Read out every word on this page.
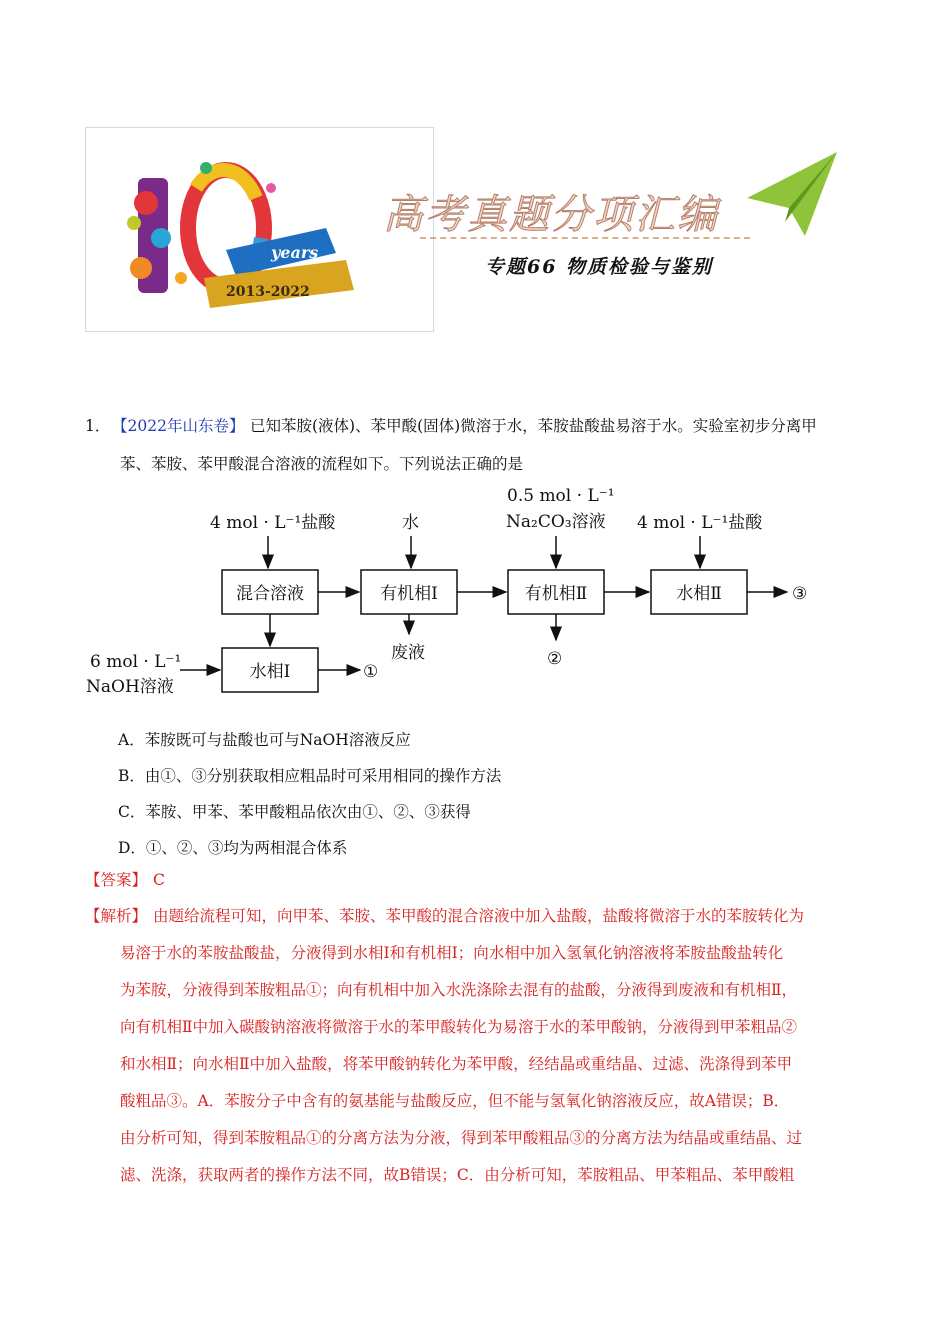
years
2013-2022
高考真题分项汇编
专题66 物质检验与鉴别
1． 【2022年山东卷】 已知苯胺(液体)、苯甲酸(固体)微溶于水，苯胺盐酸盐易溶于水。实验室初步分离甲
苯、苯胺、苯甲酸混合溶液的流程如下。下列说法正确的是
4 mol · L⁻¹盐酸	水
0.5 mol · L⁻¹
Na₂CO₃溶液 4 mol · L⁻¹盐酸
6 mol · L⁻¹
NaOH溶液
混合溶液	有机相Ⅰ	有机相Ⅱ	水相Ⅱ
水相Ⅰ
③
①
废液	②
A．苯胺既可与盐酸也可与NaOH溶液反应
B．由①、③分别获取相应粗品时可采用相同的操作方法
C．苯胺、甲苯、苯甲酸粗品依次由①、②、③获得
D．①、②、③均为两相混合体系
【答案】 C
【解析】 由题给流程可知，向甲苯、苯胺、苯甲酸的混合溶液中加入盐酸，盐酸将微溶于水的苯胺转化为
易溶于水的苯胺盐酸盐，分液得到水相Ⅰ和有机相Ⅰ；向水相中加入氢氧化钠溶液将苯胺盐酸盐转化
为苯胺，分液得到苯胺粗品①；向有机相中加入水洗涤除去混有的盐酸，分液得到废液和有机相Ⅱ，
向有机相Ⅱ中加入碳酸钠溶液将微溶于水的苯甲酸转化为易溶于水的苯甲酸钠，分液得到甲苯粗品②
和水相Ⅱ；向水相Ⅱ中加入盐酸，将苯甲酸钠转化为苯甲酸，经结晶或重结晶、过滤、洗涤得到苯甲
酸粗品③。A．苯胺分子中含有的氨基能与盐酸反应，但不能与氢氧化钠溶液反应，故A错误；B．
由分析可知，得到苯胺粗品①的分离方法为分液，得到苯甲酸粗品③的分离方法为结晶或重结晶、过
滤、洗涤，获取两者的操作方法不同，故B错误；C．由分析可知，苯胺粗品、甲苯粗品、苯甲酸粗
